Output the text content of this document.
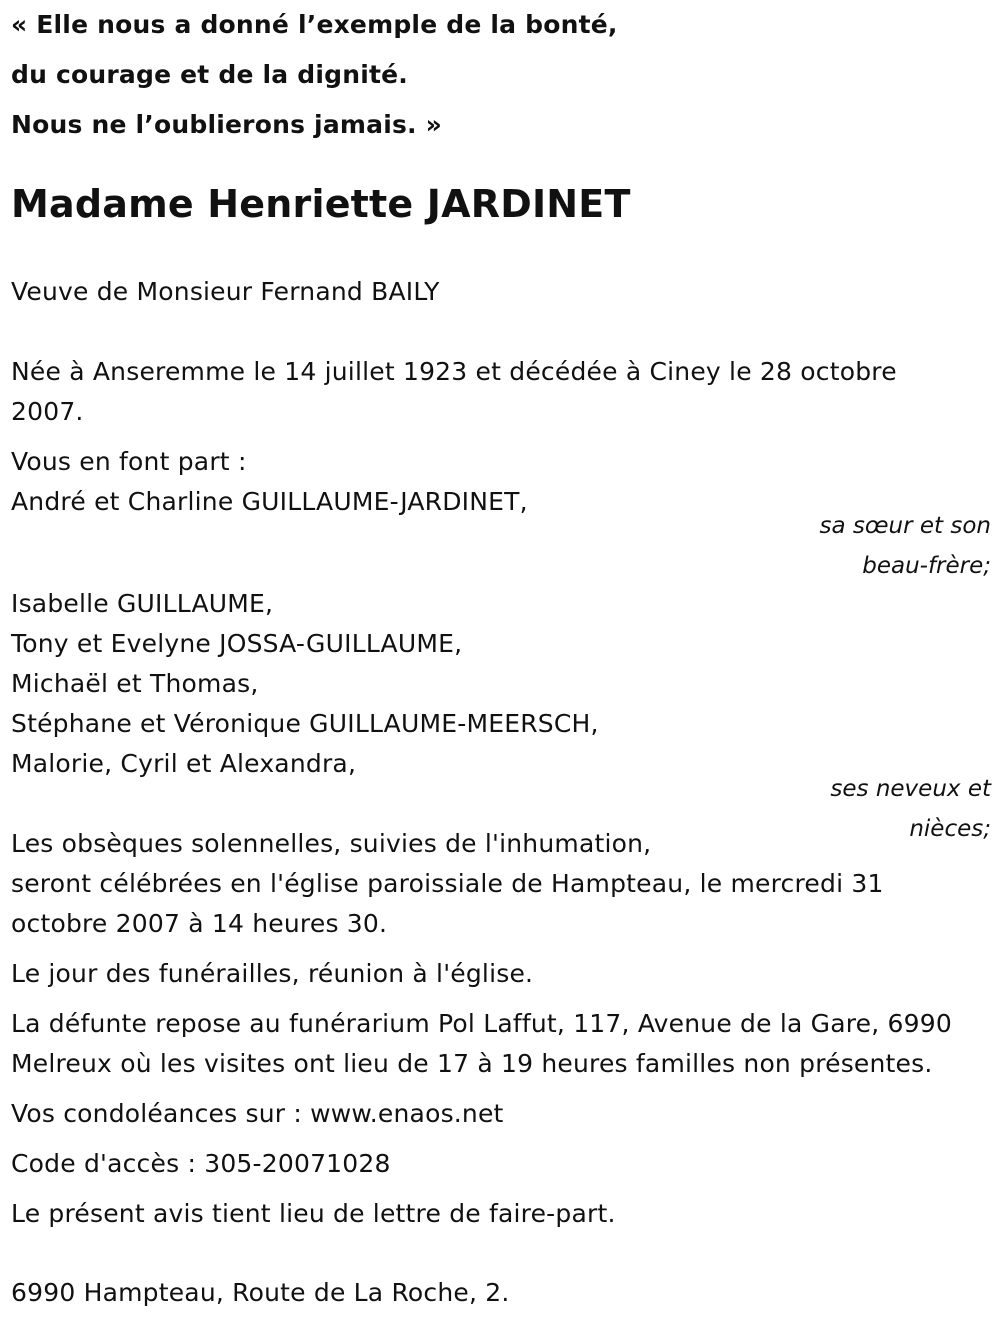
« Elle nous a donné l’exemple de la bonté,
du courage et de la dignité.
Nous ne l’oublierons jamais. »
Madame Henriette JARDINET
Veuve de Monsieur Fernand BAILY
Née à Anseremme le 14 juillet 1923 et décédée à Ciney le 28 octobre
2007.
Vous en font part :
André et Charline GUILLAUME-JARDINET,
sa sœur et son
beau-frère;
Isabelle GUILLAUME,
Tony et Evelyne JOSSA-GUILLAUME,
Michaël et Thomas,
Stéphane et Véronique GUILLAUME-MEERSCH,
Malorie, Cyril et Alexandra,
ses neveux et
nièces;
Les obsèques solennelles, suivies de l'inhumation,
seront célébrées en l'église paroissiale de Hampteau, le mercredi 31
octobre 2007 à 14 heures 30.
Le jour des funérailles, réunion à l'église.
La défunte repose au funérarium Pol Laffut, 117, Avenue de la Gare, 6990
Melreux où les visites ont lieu de 17 à 19 heures familles non présentes.
Vos condoléances sur : www.enaos.net
Code d'accès : 305-20071028
Le présent avis tient lieu de lettre de faire-part.
6990 Hampteau, Route de La Roche, 2.
